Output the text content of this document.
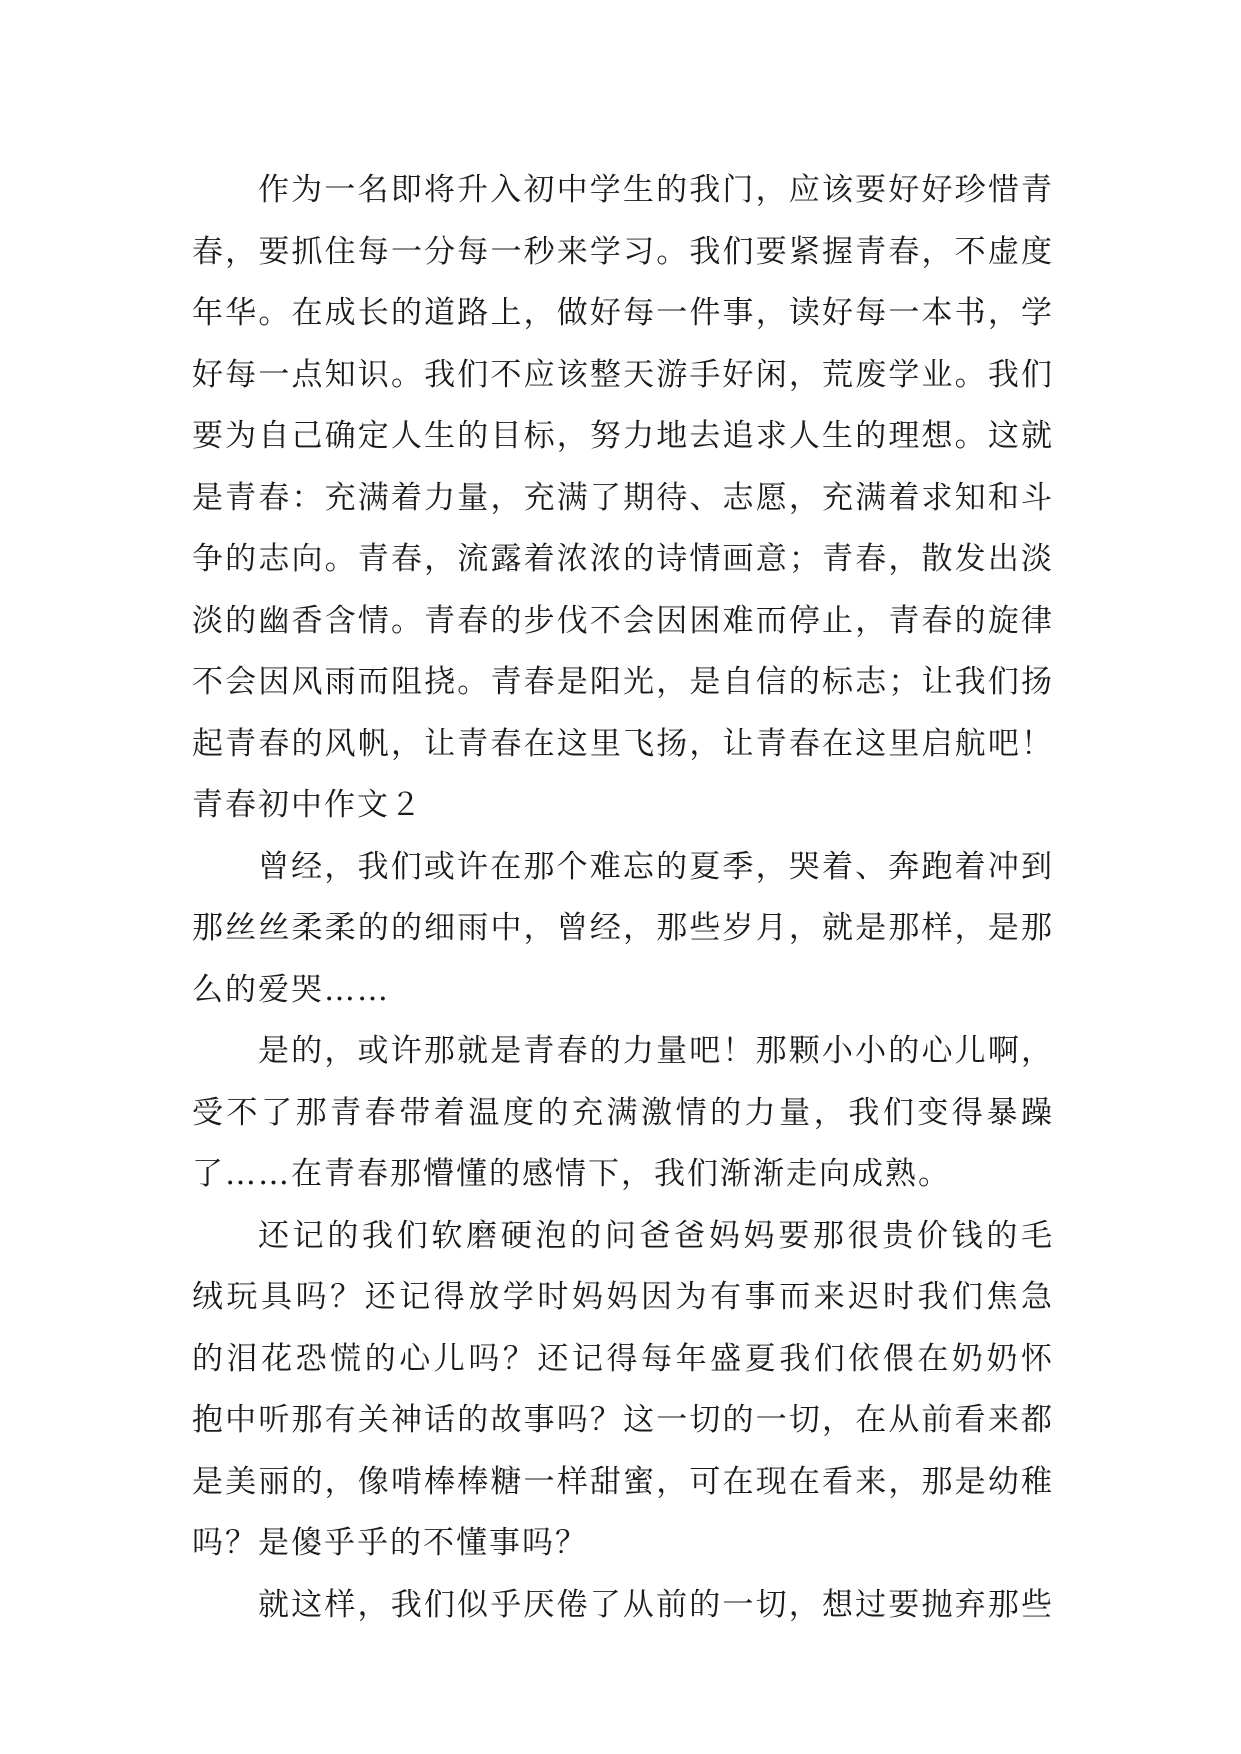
作为一名即将升入初中学生的我门，应该要好好珍惜青
春，要抓住每一分每一秒来学习。我们要紧握青春，不虚度
年华。在成长的道路上，做好每一件事，读好每一本书，学
好每一点知识。我们不应该整天游手好闲，荒废学业。我们
要为自己确定人生的目标，努力地去追求人生的理想。这就
是青春：充满着力量，充满了期待、志愿，充满着求知和斗
争的志向。青春，流露着浓浓的诗情画意；青春，散发出淡
淡的幽香含情。青春的步伐不会因困难而停止，青春的旋律
不会因风雨而阻挠。青春是阳光，是自信的标志；让我们扬
起青春的风帆，让青春在这里飞扬，让青春在这里启航吧！
青春初中作文２
曾经，我们或许在那个难忘的夏季，哭着、奔跑着冲到
那丝丝柔柔的的细雨中，曾经，那些岁月，就是那样，是那
么的爱哭……
是的，或许那就是青春的力量吧！那颗小小的心儿啊，
受不了那青春带着温度的充满激情的力量，我们变得暴躁
了……在青春那懵懂的感情下，我们渐渐走向成熟。
还记的我们软磨硬泡的问爸爸妈妈要那很贵价钱的毛
绒玩具吗？还记得放学时妈妈因为有事而来迟时我们焦急
的泪花恐慌的心儿吗？还记得每年盛夏我们依偎在奶奶怀
抱中听那有关神话的故事吗？这一切的一切，在从前看来都
是美丽的，像啃棒棒糖一样甜蜜，可在现在看来，那是幼稚
吗？是傻乎乎的不懂事吗？
就这样，我们似乎厌倦了从前的一切，想过要抛弃那些
